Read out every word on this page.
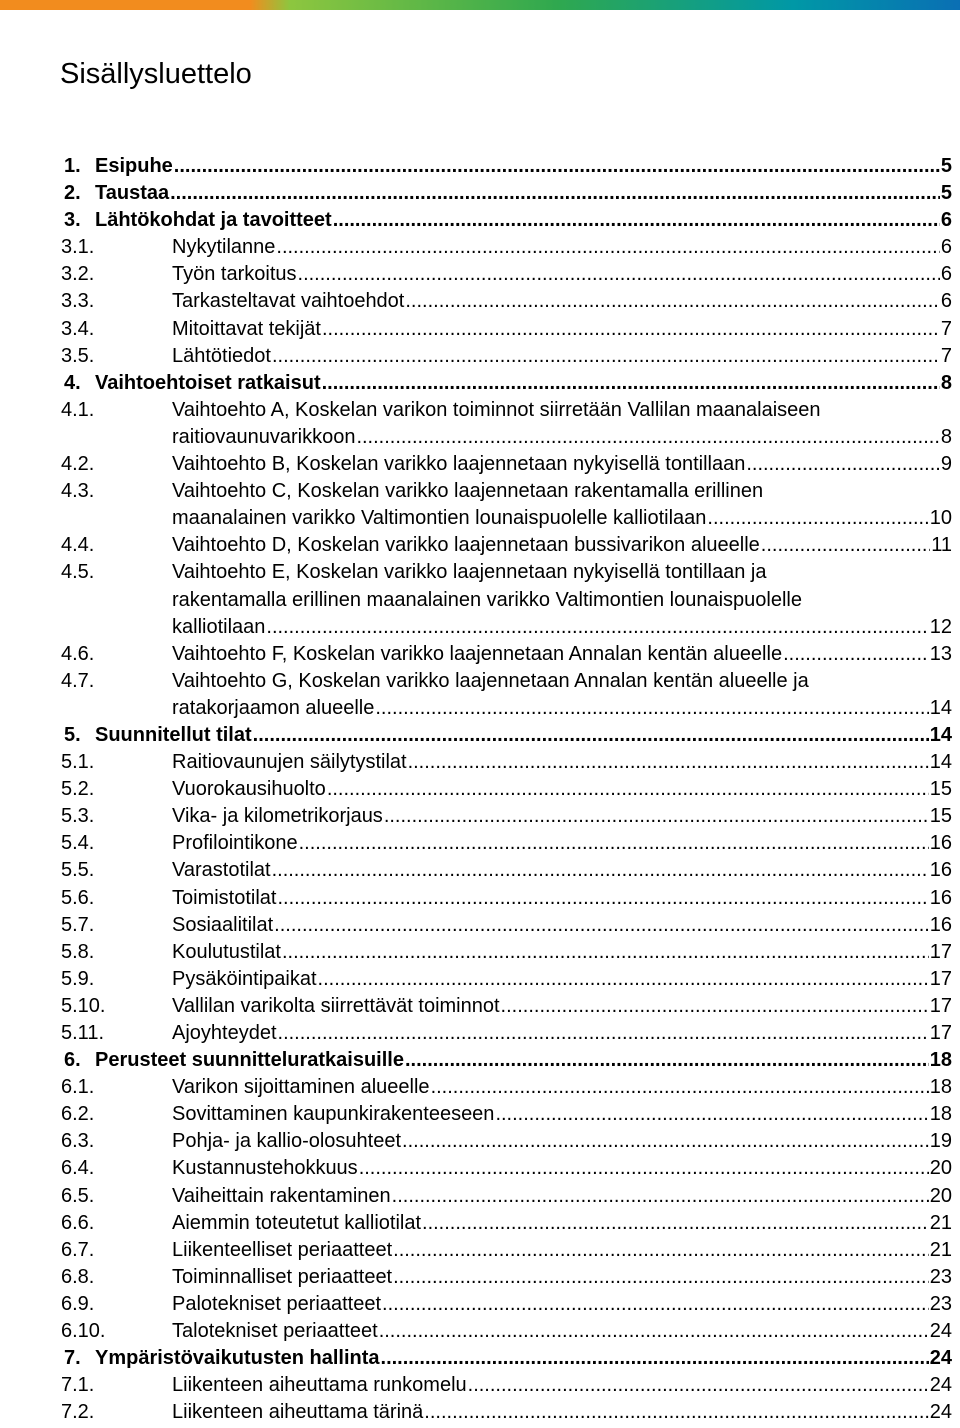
Sisällysluettelo
1. Esipuhe .....	5
2. Taustaa .....	5
3. Lähtökohdat ja tavoitteet .....	6
3.1.	Nykytilanne .....	6
3.2.	Työn tarkoitus .....	6
3.3.	Tarkasteltavat vaihtoehdot .....	6
3.4.	Mitoittavat tekijät .....	7
3.5.	Lähtötiedot .....	7
4. Vaihtoehtoiset ratkaisut .....	8
4.1.	Vaihtoehto A, Koskelan varikon toiminnot siirretään Vallilan maanalaiseen
raitiovaunuvarikkoon .....	8
4.2.	Vaihtoehto B, Koskelan varikko laajennetaan nykyisellä tontillaan .....	9
4.3.	Vaihtoehto C, Koskelan varikko laajennetaan rakentamalla erillinen
maanalainen varikko Valtimontien lounaispuolelle kalliotilaan .....	10
4.4.	Vaihtoehto D, Koskelan varikko laajennetaan bussivarikon alueelle .....	11
4.5.	Vaihtoehto E, Koskelan varikko laajennetaan nykyisellä tontillaan ja
rakentamalla erillinen maanalainen varikko Valtimontien lounaispuolelle
kalliotilaan .....	12
4.6.	Vaihtoehto F, Koskelan varikko laajennetaan Annalan kentän alueelle .....	13
4.7.	Vaihtoehto G, Koskelan varikko laajennetaan Annalan kentän alueelle ja
ratakorjaamon alueelle .....	14
5. Suunnitellut tilat .....	14
5.1.	Raitiovaunujen säilytystilat .....	14
5.2.	Vuorokausihuolto .....	15
5.3.	Vika- ja kilometrikorjaus .....	15
5.4.	Profilointikone .....	16
5.5.	Varastotilat .....	16
5.6.	Toimistotilat .....	16
5.7.	Sosiaalitilat .....	16
5.8.	Koulutustilat .....	17
5.9.	Pysäköintipaikat .....	17
5.10.	Vallilan varikolta siirrettävät toiminnot .....	17
5.11.	Ajoyhteydet .....	17
6. Perusteet suunnitteluratkaisuille .....	18
6.1.	Varikon sijoittaminen alueelle .....	18
6.2.	Sovittaminen kaupunkirakenteeseen .....	18
6.3.	Pohja- ja kallio-olosuhteet .....	19
6.4.	Kustannustehokkuus .....	20
6.5.	Vaiheittain rakentaminen .....	20
6.6.	Aiemmin toteutetut kalliotilat .....	21
6.7.	Liikenteelliset periaatteet .....	21
6.8.	Toiminnalliset periaatteet .....	23
6.9.	Palotekniset periaatteet .....	23
6.10.	Talotekniset periaatteet .....	24
7. Ympäristövaikutusten hallinta .....	24
7.1.	Liikenteen aiheuttama runkomelu .....	24
7.2.	Liikenteen aiheuttama tärinä .....	24
